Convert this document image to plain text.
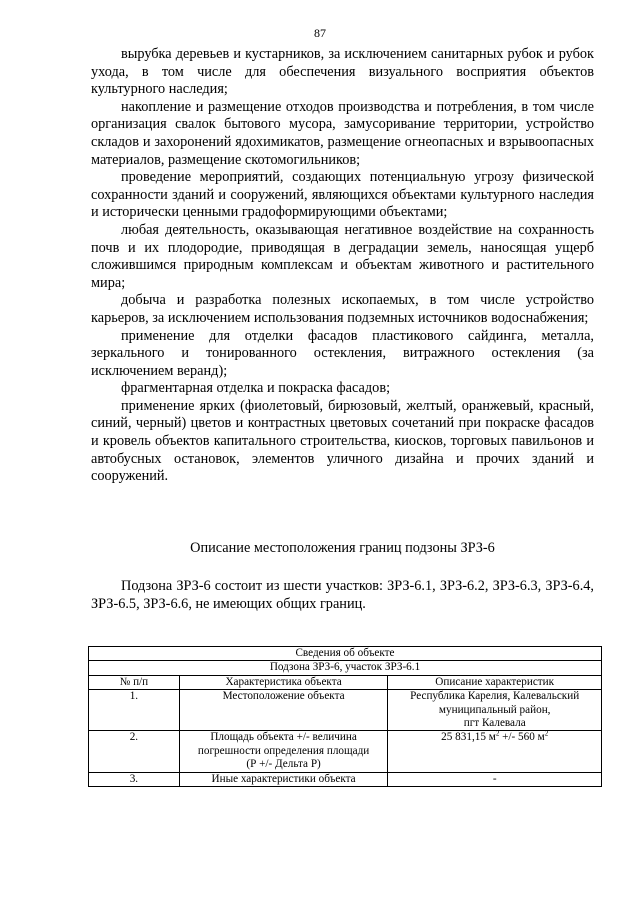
87

вырубка деревьев и кустарников, за исключением санитарных рубок и рубок ухода, в том числе для обеспечения визуального восприятия объектов культурного наследия;

накопление и размещение отходов производства и потребления, в том числе организация свалок бытового мусора, замусоривание территории, устройство складов и захоронений ядохимикатов, размещение огнеопасных и взрывоопасных материалов, размещение скотомогильников;

проведение мероприятий, создающих потенциальную угрозу физической сохранности зданий и сооружений, являющихся объектами культурного наследия и исторически ценными градоформирующими объектами;

любая деятельность, оказывающая негативное воздействие на сохранность почв и их плодородие, приводящая в деградации земель, наносящая ущерб сложившимся природным комплексам и объектам животного и растительного мира;

добыча и разработка полезных ископаемых, в том числе устройство карьеров, за исключением использования подземных источников водоснабжения;

применение для отделки фасадов пластикового сайдинга, металла, зеркального и тонированного остекления, витражного остекления (за исключением веранд);

фрагментарная отделка и покраска фасадов;

применение ярких (фиолетовый, бирюзовый, желтый, оранжевый, красный, синий, черный) цветов и контрастных цветовых сочетаний при покраске фасадов и кровель объектов капитального строительства, киосков, торговых павильонов и автобусных остановок, элементов уличного дизайна и прочих зданий и сооружений.

Описание местоположения границ подзоны ЗРЗ-6

Подзона ЗРЗ-6 состоит из шести участков: ЗРЗ-6.1, ЗРЗ-6.2, ЗРЗ-6.3, ЗРЗ-6.4, ЗРЗ-6.5, ЗРЗ-6.6, не имеющих общих границ.

Сведения об объекте		
Подзона ЗРЗ-6, участок ЗРЗ-6.1		
№ п/п	Характеристика объекта	Описание характеристик
1.	Местоположение объекта	Республика Карелия, Калевальский
муниципальный район,
пгт Калевала

2.	Площадь объекта +/- величина
погрешности определения площади
(Р +/- Дельта Р)	25 831,15 $м^2$ +/- 560 $м^2$
3.	Иные характеристики объекта	-
